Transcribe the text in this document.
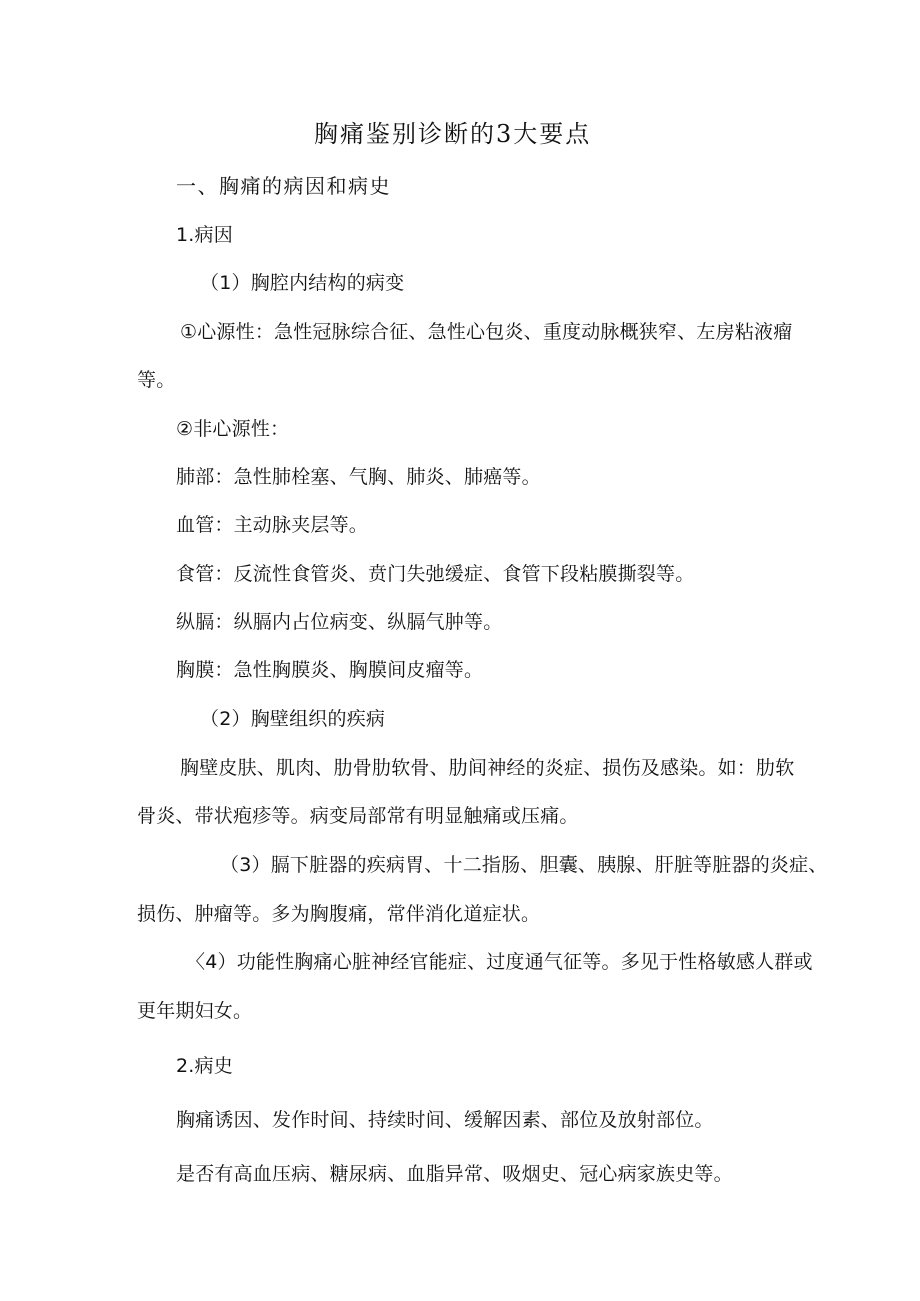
胸痛鉴别诊断的3大要点
一、胸痛的病因和病史
1.病因
（1）胸腔内结构的病变
①心源性：急性冠脉综合征、急性心包炎、重度动脉概狭窄、左房粘液瘤
等。
②非心源性：
肺部：急性肺栓塞、气胸、肺炎、肺癌等。
血管：主动脉夹层等。
食管：反流性食管炎、贲门失弛缓症、食管下段粘膜撕裂等。
纵膈：纵膈内占位病变、纵膈气肿等。
胸膜：急性胸膜炎、胸膜间皮瘤等。
（2）胸壁组织的疾病
胸壁皮肤、肌肉、肋骨肋软骨、肋间神经的炎症、损伤及感染。如：肋软
骨炎、带状疱疹等。病变局部常有明显触痛或压痛。
（3）膈下脏器的疾病胃、十二指肠、胆囊、胰腺、肝脏等脏器的炎症、
损伤、肿瘤等。多为胸腹痛，常伴消化道症状。
〈4）功能性胸痛心脏神经官能症、过度通气征等。多见于性格敏感人群或
更年期妇女。
2.病史
胸痛诱因、发作时间、持续时间、缓解因素、部位及放射部位。
是否有高血压病、糖尿病、血脂异常、吸烟史、冠心病家族史等。
